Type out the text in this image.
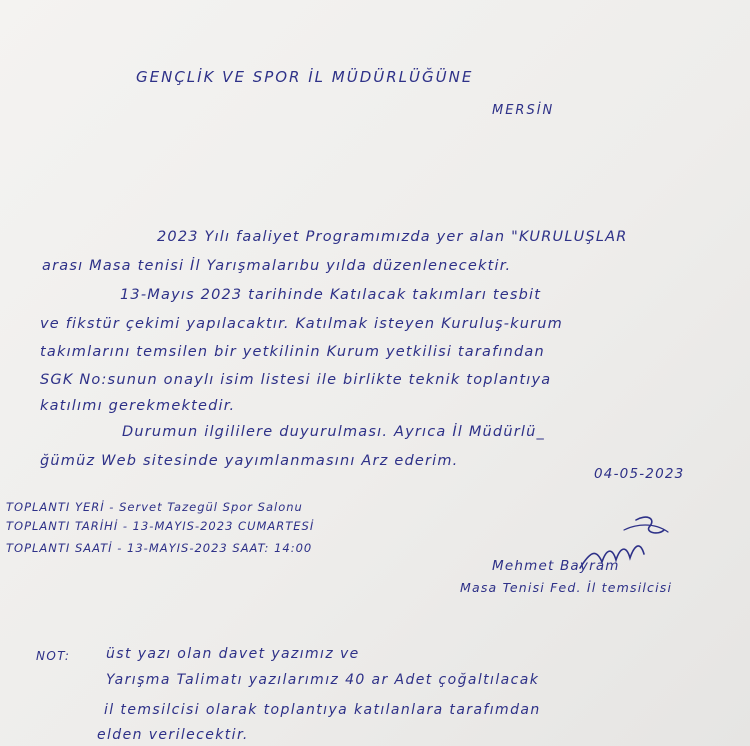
GENÇLİK VE SPOR İL MÜDÜRLÜĞÜNE

MERSİN

2023 Yılı faaliyet Programımızda yer alan "KURULUŞLAR

arası Masa tenisi İl Yarışmalarıbu yılda düzenlenecektir.

13-Mayıs 2023 tarihinde Katılacak takımları tesbit

ve fikstür çekimi yapılacaktır. Katılmak isteyen Kuruluş-kurum

takımlarını temsilen bir yetkilinin Kurum yetkilisi tarafından

SGK No:sunun onaylı isim listesi ile birlikte teknik toplantıya

katılımı gerekmektedir.

Durumun ilgililere duyurulması. Ayrıca İl Müdürlü_

ğümüz Web sitesinde yayımlanmasını Arz ederim.

04-05-2023

TOPLANTI YERİ - Servet Tazegül Spor Salonu

TOPLANTI TARİHİ - 13-MAYIS-2023 CUMARTESİ

TOPLANTI SAATİ - 13-MAYIS-2023 SAAT: 14:00

Mehmet Bayram

Masa Tenisi Fed. İl temsilcisi

NOT:	üst yazı olan davet yazımız ve

Yarışma Talimatı yazılarımız 40 ar Adet çoğaltılacak

il temsilcisi olarak toplantıya katılanlara tarafımdan

elden verilecektir.
